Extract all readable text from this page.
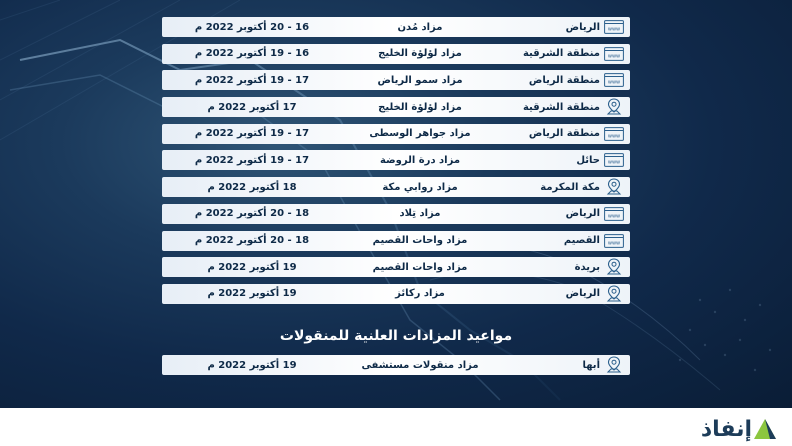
www
الرياض
مزاد مُدن
16 - 20 أكتوبر 2022 م
www
منطقة الشرقية
مزاد لؤلؤة الخليج
16 - 19 أكتوبر 2022 م
www
منطقة الرياض
مزاد سمو الرياض
17 - 19 أكتوبر 2022 م
منطقة الشرقية
مزاد لؤلؤة الخليج
17 أكتوبر 2022 م
www
منطقة الرياض
مزاد جواهر الوسطى
17 - 19 أكتوبر 2022 م
www
حائل
مزاد درة الروضة
17 - 19 أكتوبر 2022 م
مكة المكرمة
مزاد روابي مكة
18 أكتوبر 2022 م
www
الرياض
مزاد تِلاد
18 - 20 أكتوبر 2022 م
www
القصيم
مزاد واحات القصيم
18 - 20 أكتوبر 2022 م
بريدة
مزاد واحات القصيم
19 أكتوبر 2022 م
الرياض
مزاد ركائز
19 أكتوبر 2022 م
مواعيد المزادات العلنية للمنقولات
أبها
مزاد منقولات مستشفى
19 أكتوبر 2022 م
إنفاذ
